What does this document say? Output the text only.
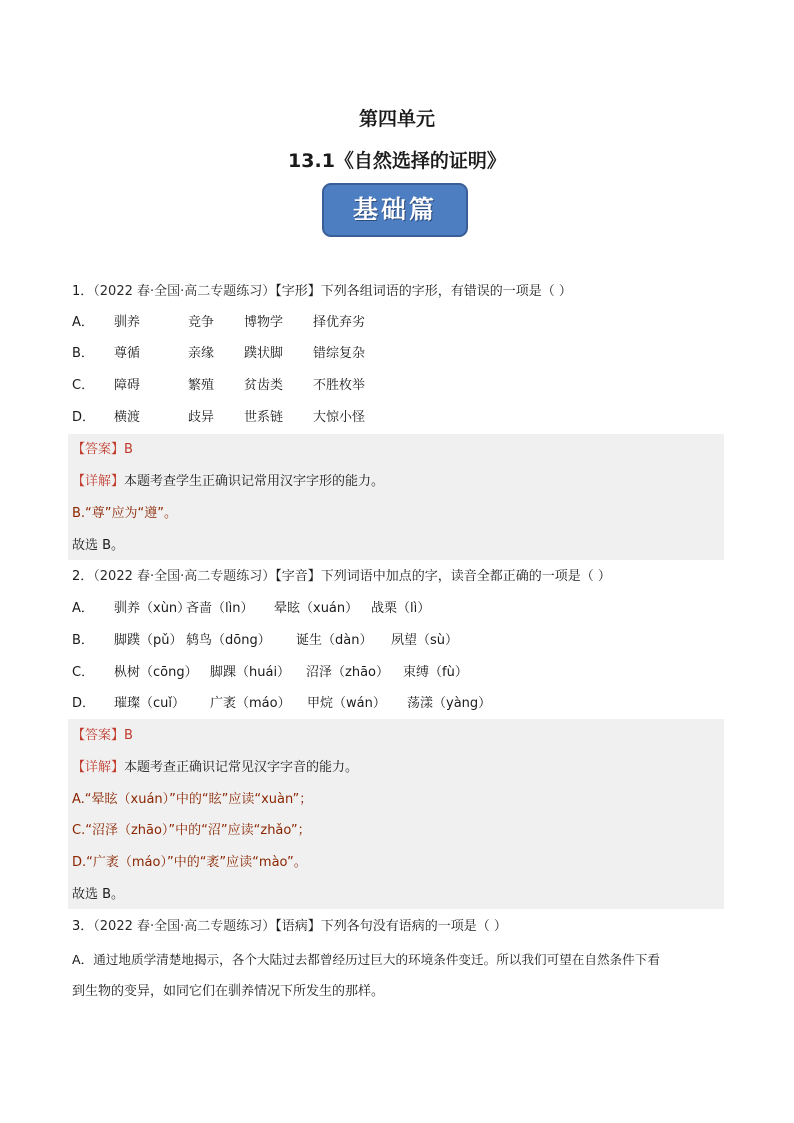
第四单元
13.1《自然选择的证明》
基础篇
1．（2022 春·全国·高二专题练习）【字形】下列各组词语的字形，有错误的一项是（ ）
A． 驯养	竞争 博物学 择优弃劣
B． 尊循	亲缘 蹼状脚 错综复杂
C． 障碍	繁殖 贫齿类 不胜枚举
D． 横渡	歧异 世系链 大惊小怪
【答案】B
【详解】本题考查学生正确识记常用汉字字形的能力。
B.“尊”应为“遵”。
故选 B。
2．（2022 春·全国·高二专题练习）【字音】下列词语中加点的字，读音全都正确的一项是（ ）
A． 驯养（xùn）吝啬（lìn） 晕眩（xuán） 战栗（lì）
B． 脚蹼（pǔ） 鸫鸟（dōng） 诞生（dàn） 夙望（sù）
C． 枞树（cōng） 脚踝（huái） 沼泽（zhāo） 束缚（fù）
D． 璀璨（cuǐ） 广袤（máo） 甲烷（wán） 荡漾（yàng）
【答案】B
【详解】本题考查正确识记常见汉字字音的能力。
A.“晕眩（xuán）”中的“眩”应读“xuàn”；
C.“沼泽（zhāo）”中的“沼”应读“zhǎo”；
D.“广袤（máo）”中的“袤”应读“mào”。
故选 B。
3．（2022 春·全国·高二专题练习）【语病】下列各句没有语病的一项是（ ）
A．通过地质学清楚地揭示，各个大陆过去都曾经历过巨大的环境条件变迁。所以我们可望在自然条件下看
到生物的变异，如同它们在驯养情况下所发生的那样。
